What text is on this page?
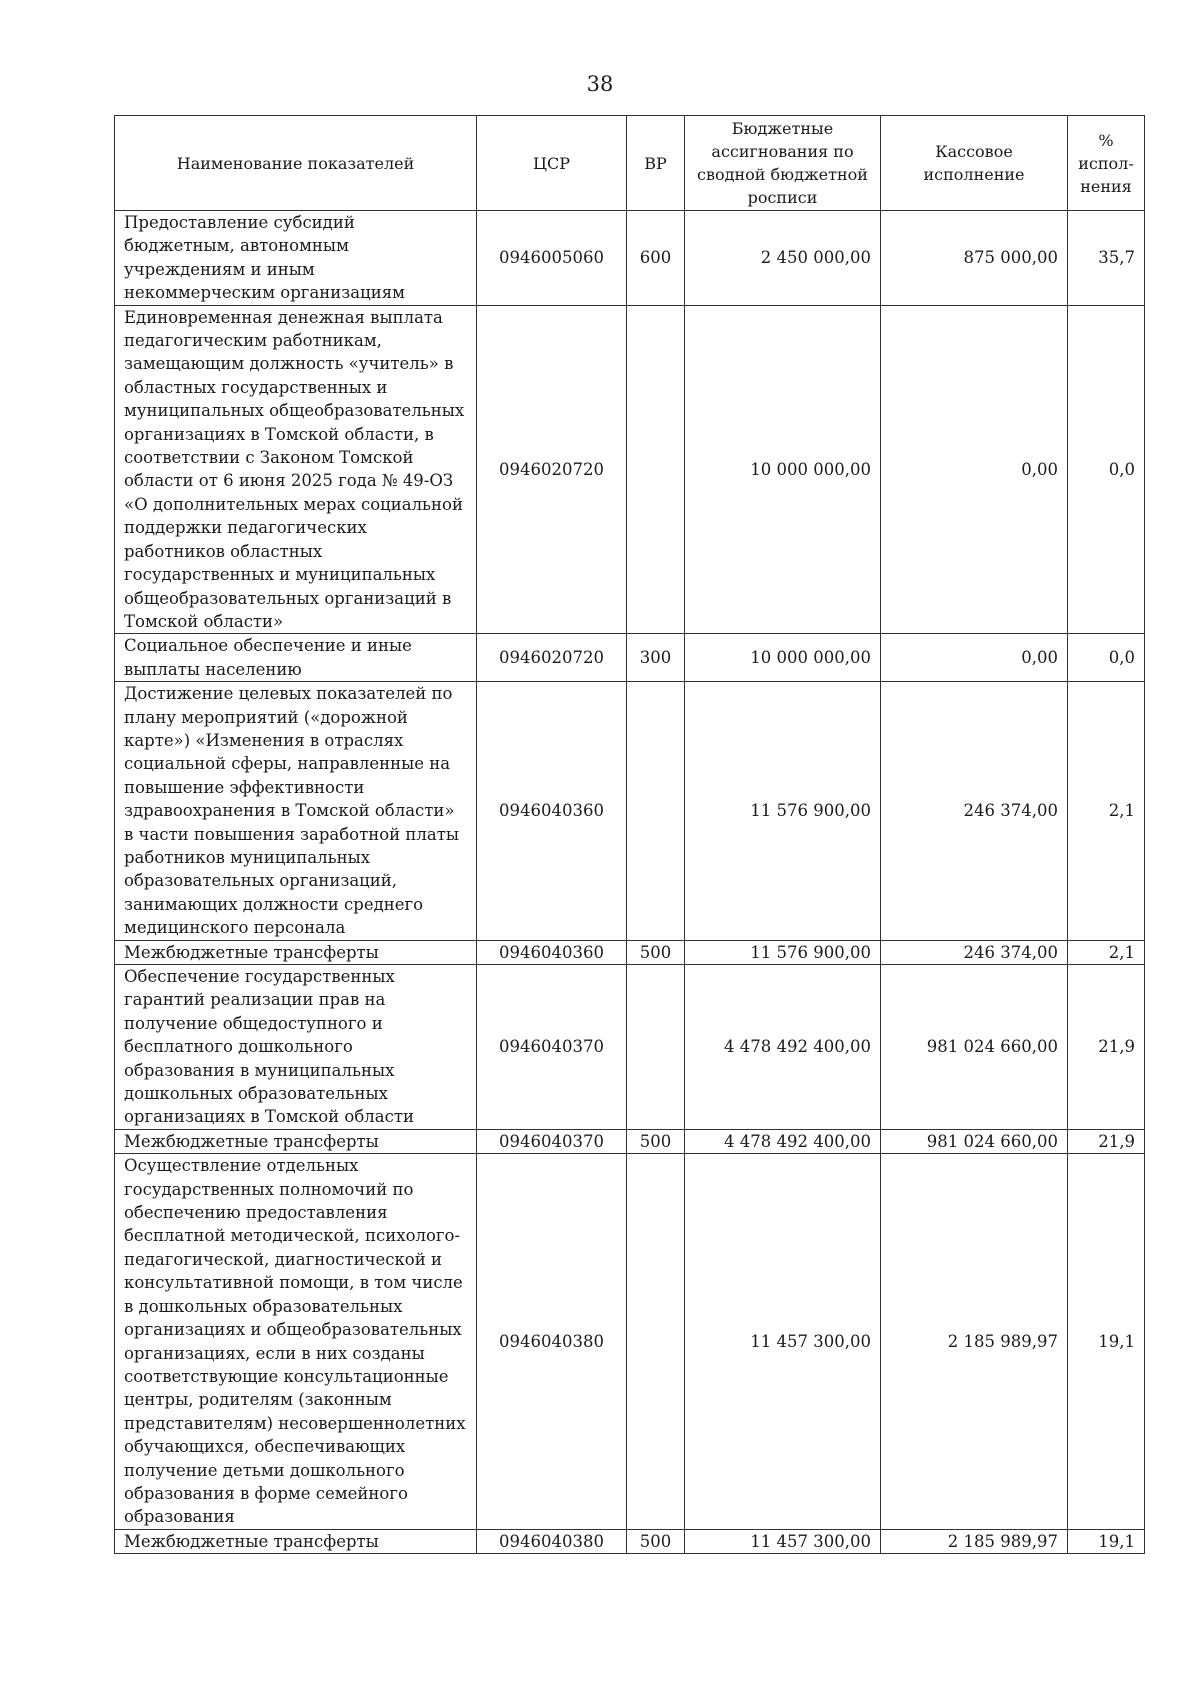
38
Наименование показателей	ЦСР	ВР	Бюджетные ассигнования по сводной бюджетной росписи	Кассовое исполнение	% испол-нения
Предоставление субсидий бюджетным, автономным учреждениям и иным некоммерческим организациям	0946005060	600	2 450 000,00	875 000,00	35,7
Единовременная денежная выплата педагогическим работникам, замещающим должность «учитель» в областных государственных и муниципальных общеобразовательных организациях в Томской области, в соответствии с Законом Томской области от 6 июня 2025 года № 49-ОЗ «О дополнительных мерах социальной поддержки педагогических работников областных государственных и муниципальных общеобразовательных организаций в Томской области»	0946020720		10 000 000,00	0,00	0,0
Социальное обеспечение и иные выплаты населению	0946020720	300	10 000 000,00	0,00	0,0
Достижение целевых показателей по плану мероприятий («дорожной карте») «Изменения в отраслях социальной сферы, направленные на повышение эффективности здравоохранения в Томской области» в части повышения заработной платы работников муниципальных образовательных организаций, занимающих должности среднего медицинского персонала	0946040360		11 576 900,00	246 374,00	2,1
Межбюджетные трансферты	0946040360	500	11 576 900,00	246 374,00	2,1
Обеспечение государственных гарантий реализации прав на получение общедоступного и бесплатного дошкольного образования в муниципальных дошкольных образовательных организациях в Томской области	0946040370		4 478 492 400,00	981 024 660,00	21,9
Межбюджетные трансферты	0946040370	500	4 478 492 400,00	981 024 660,00	21,9
Осуществление отдельных государственных полномочий по обеспечению предоставления бесплатной методической, психолого-педагогической, диагностической и консультативной помощи, в том числе в дошкольных образовательных организациях и общеобразовательных организациях, если в них созданы соответствующие консультационные центры, родителям (законным представителям) несовершеннолетних обучающихся, обеспечивающих получение детьми дошкольного образования в форме семейного образования	0946040380		11 457 300,00	2 185 989,97	19,1
Межбюджетные трансферты	0946040380	500	11 457 300,00	2 185 989,97	19,1
